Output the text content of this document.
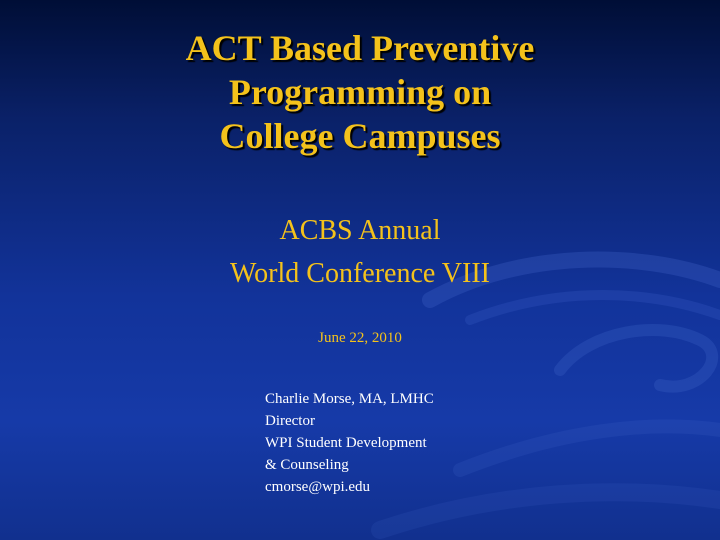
ACT Based Preventive
Programming on
College Campuses
ACBS Annual
World Conference VIII
June 22, 2010
Charlie Morse, MA, LMHC
Director
WPI Student Development
& Counseling
cmorse@wpi.edu
